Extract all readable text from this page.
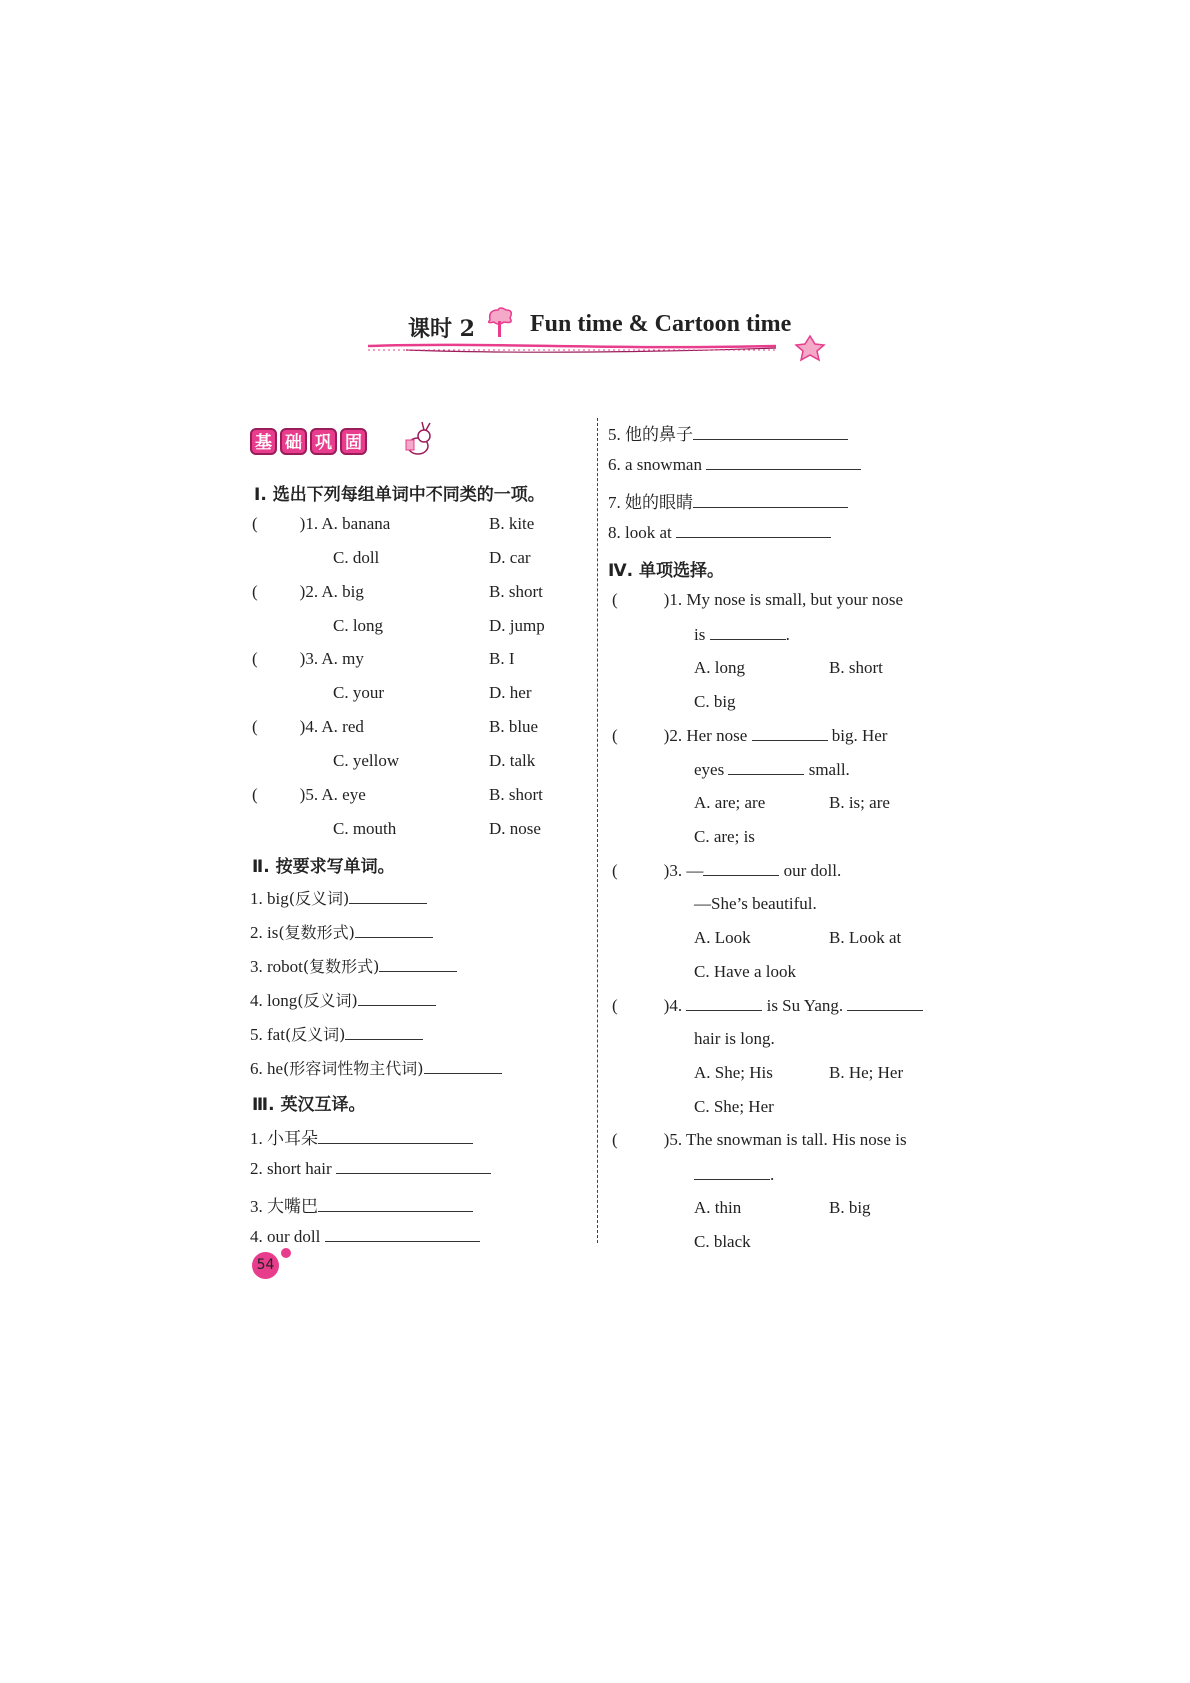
课时 2 Fun time & Cartoon time
基 础 巩 固
Ⅰ. 选出下列每组单词中不同类的一项。
( )1. A. banana	B. kite
C. doll	D. car
( )2. A. big	B. short
C. long	D. jump
( )3. A. my	B. I
C. your	D. her
( )4. A. red	B. blue
C. yellow	D. talk
( )5. A. eye	B. short
C. mouth	D. nose
Ⅱ. 按要求写单词。
1. big(反义词)
2. is(复数形式)
3. robot(复数形式)
4. long(反义词)
5. fat(反义词)
6. he(形容词性物主代词)
Ⅲ. 英汉互译。
1. 小耳朵
2. short hair
3. 大嘴巴
4. our doll
5. 他的鼻子
6. a snowman
7. 她的眼睛
8. look at
Ⅳ. 单项选择。
(	)1. My nose is small, but your nose
is	.
A. long	B. short
C. big
(	)2. Her nose	big. Her
eyes	small.
A. are; are	B. is; are
C. are; is
(	)3. —	our doll.
—She’s beautiful.
A. Look	B. Look at
C. Have a look
(	)4.	is Su Yang.
hair is long.
A. She; His	B. He; Her
C. She; Her
(	)5. The snowman is tall. His nose is
.
A. thin	B. big
C. black
54
